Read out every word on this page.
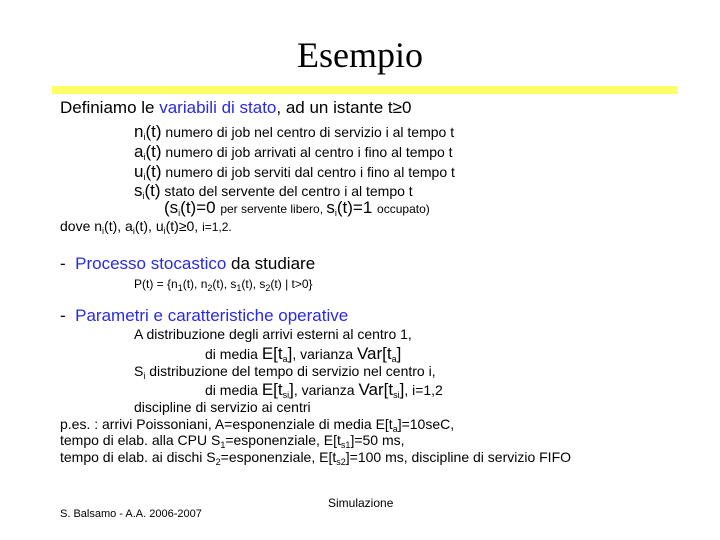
Esempio
Definiamo le variabili di stato, ad un istante t≥0
ni(t) numero di job nel centro di servizio i al tempo t
ai(t) numero di job arrivati al centro i fino al tempo t
ui(t) numero di job serviti dal centro i fino al tempo t
si(t) stato del servente del centro i al tempo t
(si(t)=0 per servente libero, si(t)=1 occupato)
dove ni(t), ai(t), ui(t)≥0, i=1,2.
- Processo stocastico da studiare
$P(t) = \{n_1(t)$, $n_2(t)$, $s_1(t)$, $s_2(t)$ | t>0}
- Parametri e caratteristiche operative
A distribuzione degli arrivi esterni al centro 1,
di media E[ta], varianza Var[ta]
$S_i$ distribuzione del tempo di servizio nel centro i,
di media E[tsi], varianza Var[tsi], i=1,2
discipline di servizio ai centri
p.es. : arrivi Poissoniani, A=esponenziale di media $E[t_a]=10seC$,
tempo di elab. alla CPU $S_1=esponenziale$, $E[t_{s1}]=50$ ms,
tempo di elab. ai dischi $S_2=esponenziale$, $E[t_{s2}]=100$ ms, discipline di servizio FIFO
S. Balsamo - A.A. 2006-2007
Simulazione
